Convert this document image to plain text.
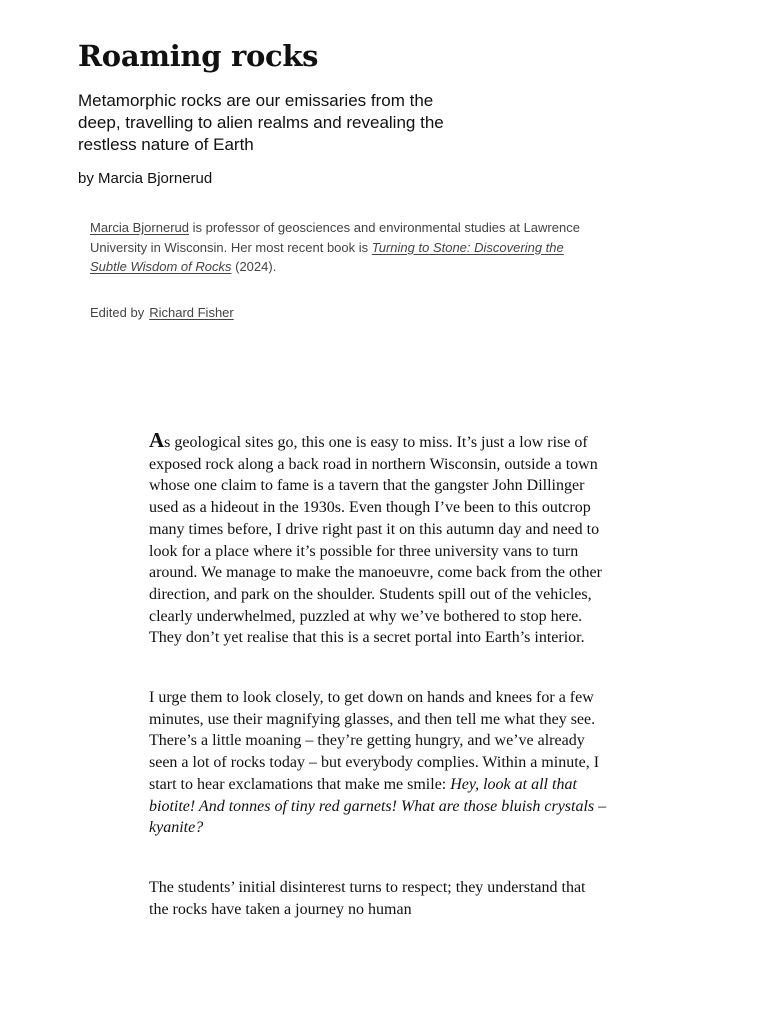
Roaming rocks

Metamorphic rocks are our emissaries from the deep, travelling to alien realms and revealing the restless nature of Earth

by Marcia Bjornerud

Marcia Bjornerud is professor of geosciences and environmental studies at Lawrence University in Wisconsin. Her most recent book is Turning to Stone: Discovering the Subtle Wisdom of Rocks (2024).
Edited by Richard Fisher

As geological sites go, this one is easy to miss. It’s just a low rise of exposed rock along a back road in northern Wisconsin, outside a town whose one claim to fame is a tavern that the gangster John Dillinger used as a hideout in the 1930s. Even though I’ve been to this outcrop many times before, I drive right past it on this autumn day and need to look for a place where it’s possible for three university vans to turn around. We manage to make the manoeuvre, come back from the other direction, and park on the shoulder. Students spill out of the vehicles, clearly underwhelmed, puzzled at why we’ve bothered to stop here. They don’t yet realise that this is a secret portal into Earth’s interior.

I urge them to look closely, to get down on hands and knees for a few minutes, use their magnifying glasses, and then tell me what they see. There’s a little moaning – they’re getting hungry, and we’ve already seen a lot of rocks today – but everybody complies. Within a minute, I start to hear exclamations that make me smile: Hey, look at all that biotite! And tonnes of tiny red garnets! What are those bluish crystals – kyanite?

The students’ initial disinterest turns to respect; they understand that the rocks have taken a journey no human
